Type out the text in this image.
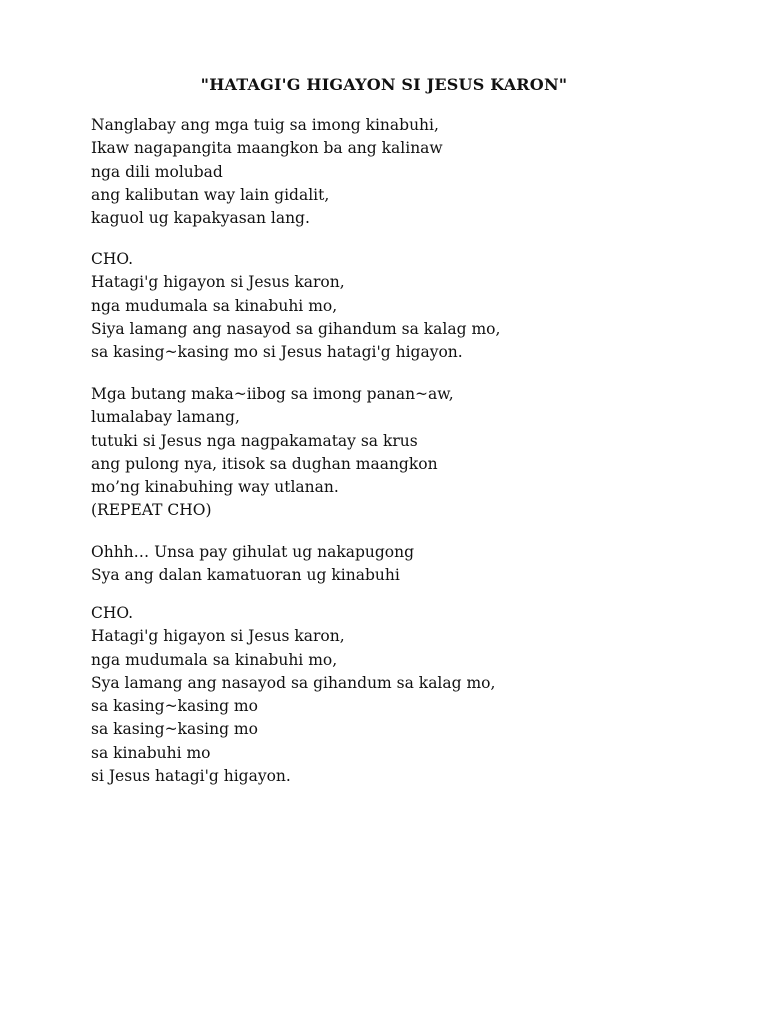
"HATAGI'G HIGAYON SI JESUS KARON"
Nanglabay ang mga tuig sa imong kinabuhi,
Ikaw nagapangita maangkon ba ang kalinaw
nga dili molubad
ang kalibutan way lain gidalit,
kaguol ug kapakyasan lang.
CHO.
Hatagi'g higayon si Jesus karon,
nga mudumala sa kinabuhi mo,
Siya lamang ang nasayod sa gihandum sa kalag mo,
sa kasing~kasing mo si Jesus hatagi'g higayon.
Mga butang maka~iibog sa imong panan~aw,
lumalabay lamang,
tutuki si Jesus nga nagpakamatay sa krus
ang pulong nya, itisok sa dughan maangkon
mo’ng kinabuhing way utlanan.
(REPEAT CHO)
Ohhh… Unsa pay gihulat ug nakapugong
Sya ang dalan kamatuoran ug kinabuhi
CHO.
Hatagi'g higayon si Jesus karon,
nga mudumala sa kinabuhi mo,
Sya lamang ang nasayod sa gihandum sa kalag mo,
sa kasing~kasing mo
sa kasing~kasing mo
sa kinabuhi mo
si Jesus hatagi'g higayon.
